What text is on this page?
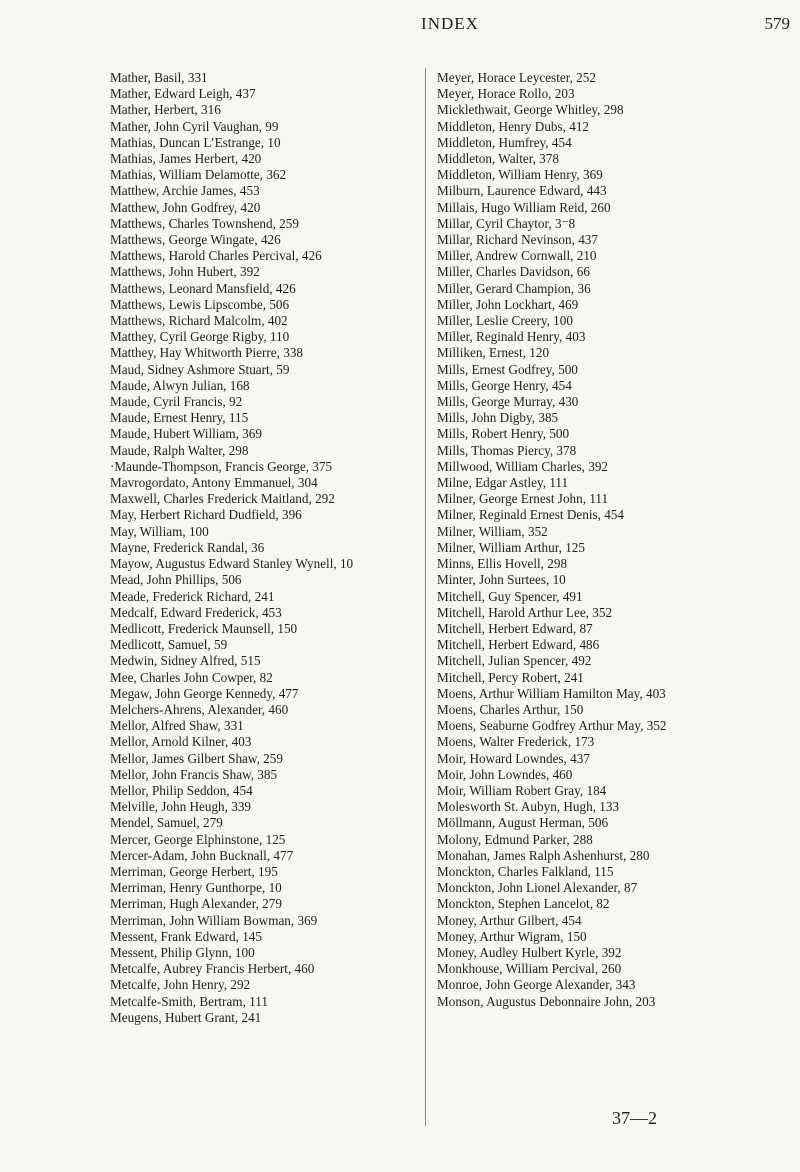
INDEX	579
Mather, Basil, 331
Mather, Edward Leigh, 437
Mather, Herbert, 316
Mather, John Cyril Vaughan, 99
Mathias, Duncan L’Estrange, 10
Mathias, James Herbert, 420
Mathias, William Delamotte, 362
Matthew, Archie James, 453
Matthew, John Godfrey, 420
Matthews, Charles Townshend, 259
Matthews, George Wingate, 426
Matthews, Harold Charles Percival, 426
Matthews, John Hubert, 392
Matthews, Leonard Mansfield, 426
Matthews, Lewis Lipscombe, 506
Matthews, Richard Malcolm, 402
Matthey, Cyril George Rigby, 110
Matthey, Hay Whitworth Pierre, 338
Maud, Sidney Ashmore Stuart, 59
Maude, Alwyn Julian, 168
Maude, Cyril Francis, 92
Maude, Ernest Henry, 115
Maude, Hubert William, 369
Maude, Ralph Walter, 298
·Maunde-Thompson, Francis George, 375
Mavrogordato, Antony Emmanuel, 304
Maxwell, Charles Frederick Maitland, 292
May, Herbert Richard Dudfield, 396
May, William, 100
Mayne, Frederick Randal, 36
Mayow, Augustus Edward Stanley Wynell, 10
Mead, John Phillips, 506
Meade, Frederick Richard, 241
Medcalf, Edward Frederick, 453
Medlicott, Frederick Maunsell, 150
Medlicott, Samuel, 59
Medwin, Sidney Alfred, 515
Mee, Charles John Cowper, 82
Megaw, John George Kennedy, 477
Melchers-Ahrens, Alexander, 460
Mellor, Alfred Shaw, 331
Mellor, Arnold Kilner, 403
Mellor, James Gilbert Shaw, 259
Mellor, John Francis Shaw, 385
Mellor, Philip Seddon, 454
Melville, John Heugh, 339
Mendel, Samuel, 279
Mercer, George Elphinstone, 125
Mercer-Adam, John Bucknall, 477
Merriman, George Herbert, 195
Merriman, Henry Gunthorpe, 10
Merriman, Hugh Alexander, 279
Merriman, John William Bowman, 369
Messent, Frank Edward, 145
Messent, Philip Glynn, 100
Metcalfe, Aubrey Francis Herbert, 460
Metcalfe, John Henry, 292
Metcalfe-Smith, Bertram, 111
Meugens, Hubert Grant, 241
Meyer, Horace Leycester, 252
Meyer, Horace Rollo, 203
Micklethwait, George Whitley, 298
Middleton, Henry Dubs, 412
Middleton, Humfrey, 454
Middleton, Walter, 378
Middleton, William Henry, 369
Milburn, Laurence Edward, 443
Millais, Hugo William Reid, 260
Millar, Cyril Chaytor, 3⁻8
Millar, Richard Nevinson, 437
Miller, Andrew Cornwall, 210
Miller, Charles Davidson, 66
Miller, Gerard Champion, 36
Miller, John Lockhart, 469
Miller, Leslie Creery, 100
Miller, Reginald Henry, 403
Milliken, Ernest, 120
Mills, Ernest Godfrey, 500
Mills, George Henry, 454
Mills, George Murray, 430
Mills, John Digby, 385
Mills, Robert Henry, 500
Mills, Thomas Piercy, 378
Millwood, William Charles, 392
Milne, Edgar Astley, 111
Milner, George Ernest John, 111
Milner, Reginald Ernest Denis, 454
Milner, William, 352
Milner, William Arthur, 125
Minns, Ellis Hovell, 298
Minter, John Surtees, 10
Mitchell, Guy Spencer, 491
Mitchell, Harold Arthur Lee, 352
Mitchell, Herbert Edward, 87
Mitchell, Herbert Edward, 486
Mitchell, Julian Spencer, 492
Mitchell, Percy Robert, 241
Moens, Arthur William Hamilton May, 403
Moens, Charles Arthur, 150
Moens, Seaburne Godfrey Arthur May, 352
Moens, Walter Frederick, 173
Moir, Howard Lowndes, 437
Moir, John Lowndes, 460
Moir, William Robert Gray, 184
Molesworth St. Aubyn, Hugh, 133
Möllmann, August Herman, 506
Molony, Edmund Parker, 288
Monahan, James Ralph Ashenhurst, 280
Monckton, Charles Falkland, 115
Monckton, John Lionel Alexander, 87
Monckton, Stephen Lancelot, 82
Money, Arthur Gilbert, 454
Money, Arthur Wigram, 150
Money, Audley Hulbert Kyrle, 392
Monkhouse, William Percival, 260
Monroe, John George Alexander, 343
Monson, Augustus Debonnaire John, 203
37—2
